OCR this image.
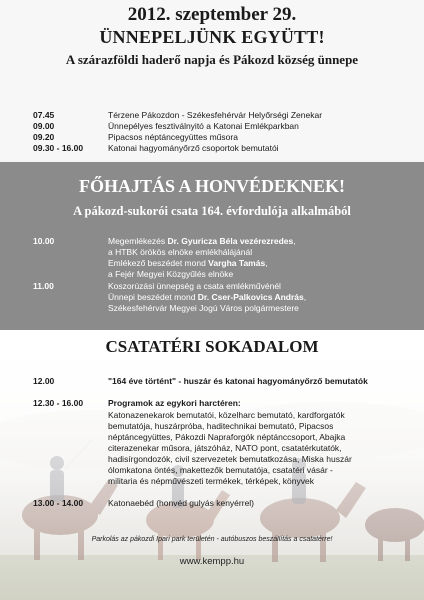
2012. szeptember 29.
ÜNNEPELJÜNK EGYÜTT!
A szárazföldi haderő napja és Pákozd község ünnepe
07.45	Térzene Pákozdon - Székesfehérvár Helyőrségi Zenekar
09.00	Ünnepélyes fesztiválnyitó a Katonai Emlékparkban
09.20	Pipacsos néptáncegyüttes műsora
09.30 - 16.00	Katonai hagyományőrző csoportok bemutatói
FŐHAJTÁS A HONVÉDEKNEK!
A pákozd-sukorói csata 164. évfordulója alkalmából
10.00	Megemlékezés Dr. Gyuricza Béla vezérezredes,
a HTBK örökös elnöke emlékhálájánál
Emlékező beszédet mond Vargha Tamás,
a Fejér Megyei Közgyűlés elnöke
11.00	Koszorúzási ünnepség a csata emlékművénél
Ünnepi beszédet mond Dr. Cser-Palkovics András,
Székesfehérvár Megyei Jogú Város polgármestere
CSATATÉRI SOKADALOM
12.00	"164 éve történt" - huszár és katonai hagyományőrző bemutatók
12.30 - 16.00	Programok az egykori harctéren:
Katonazenekarok bemutatói, közelharc bemutató, kardforgatók
bemutatója, huszárpróba, haditechnikai bemutató, Pipacsos
néptáncegyüttes, Pákozdi Napraforgók néptánccsoport, Abajka
citerazenekar műsora, játszóház, NATO pont, csatatérkutatók,
hadisírgondozók, civil szervezetek bemutatkozása, Miska huszár
ólomkatona öntés, makettezők bemutatója, csatatéri vásár -
militaria és népművészeti termékek, térképek, könyvek
13.00 - 14.00	Katonaebéd (honvéd gulyás kenyérrel)
Parkolás az pákozdi Ipari park területén - autóbuszos beszállítás a csatatérre!
www.kempp.hu
